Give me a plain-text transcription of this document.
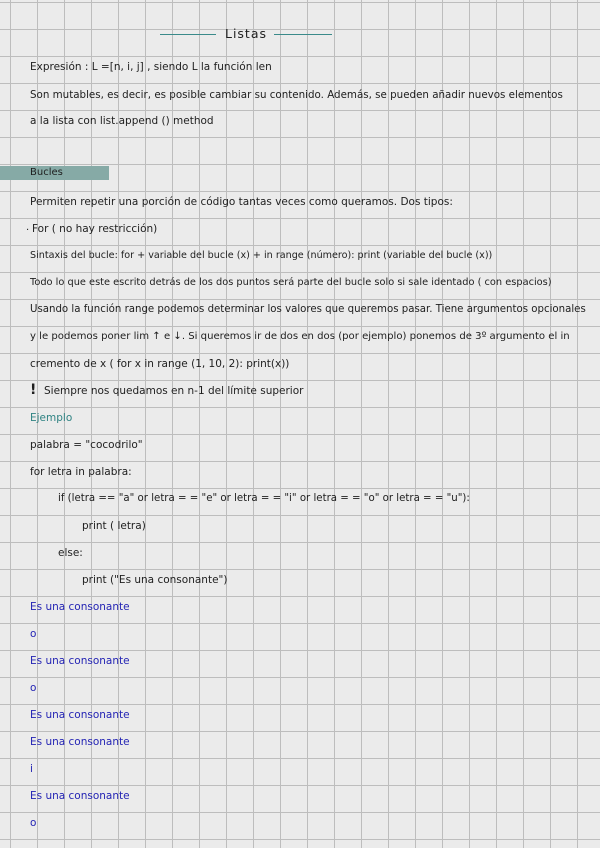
Listas
Expresión : L =[n, i, j] , siendo L la función len
Son mutables, es decir, es posible cambiar su contenido. Además, se pueden añadir nuevos elementos
a la lista con list.append () method
Bucles
Permiten repetir una porción de código tantas veces como queramos. Dos tipos:
· For ( no hay restricción)
Sintaxis del bucle: for + variable del bucle (x) + in range (número): print (variable del bucle (x))
Todo lo que este escrito detrás de los dos puntos será parte del bucle solo si sale identado ( con espacios)
Usando la función range podemos determinar los valores que queremos pasar. Tiene argumentos opcionales
y le podemos poner lim ↑ e ↓. Si queremos ir de dos en dos (por ejemplo) ponemos de 3º argumento el in
cremento de x ( for x in range (1, 10, 2): print(x))
! Siempre nos quedamos en n-1 del límite superior
Ejemplo
palabra = "cocodrilo"
for letra in palabra:
if (letra == "a" or letra = = "e" or letra = = "i" or letra = = "o" or letra = = "u"):
print ( letra)
else:
print ("Es una consonante")
Es una consonante
o
Es una consonante
o
Es una consonante
Es una consonante
i
Es una consonante
o
